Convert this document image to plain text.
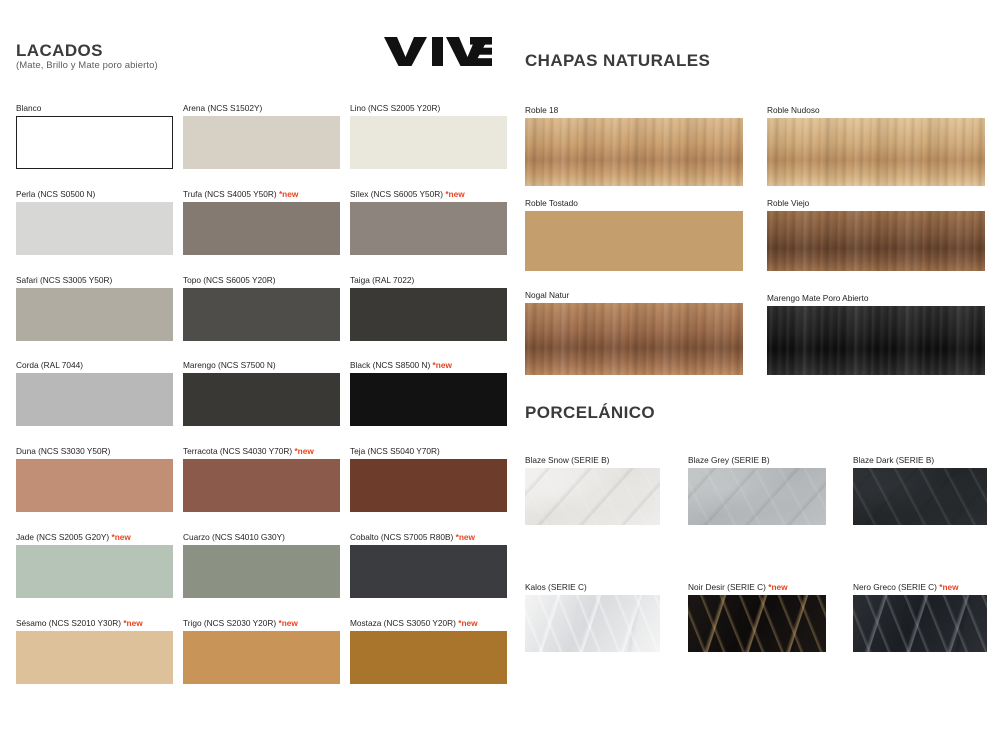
LACADOS
(Mate, Brillo y Mate poro abierto)	CHAPAS NATURALES
PORCELÁNICO
Blanco	Arena (NCS S1502Y)	Lino (NCS S2005 Y20R)
Perla (NCS S0500 N)	Trufa (NCS S4005 Y50R) *new	Sílex (NCS S6005 Y50R) *new
Safari (NCS S3005 Y50R)	Topo (NCS S6005 Y20R)	Taiga (RAL 7022)
Corda (RAL 7044)	Marengo (NCS S7500 N)	Black (NCS S8500 N) *new
Duna (NCS S3030 Y50R)	Terracota (NCS S4030 Y70R) *new	Teja (NCS S5040 Y70R)
Jade (NCS S2005 G20Y) *new	Cuarzo (NCS S4010 G30Y)	Cobalto (NCS S7005 R80B) *new
Sésamo (NCS S2010 Y30R) *new	Trigo (NCS S2030 Y20R) *new	Mostaza (NCS S3050 Y20R) *new
Roble 18	Roble Nudoso
Roble Tostado	Roble Viejo
Nogal Natur	Marengo Mate Poro Abierto
Blaze Snow (SERIE B)	Blaze Grey (SERIE B)	Blaze Dark (SERIE B)
Kalos (SERIE C)	Noir Desir (SERIE C) *new	Nero Greco (SERIE C) *new
